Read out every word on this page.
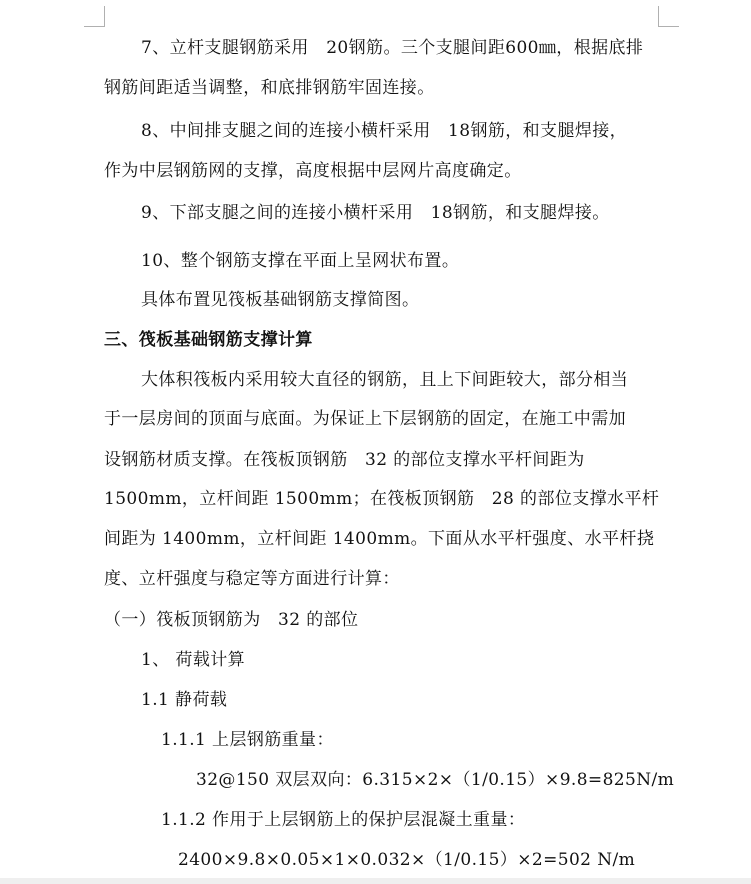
7、立杆支腿钢筋采用　20钢筋。三个支腿间距600㎜，根据底排
钢筋间距适当调整，和底排钢筋牢固连接。
8、中间排支腿之间的连接小横杆采用　18钢筋，和支腿焊接，
作为中层钢筋网的支撑，高度根据中层网片高度确定。
9、下部支腿之间的连接小横杆采用　18钢筋，和支腿焊接。
10、整个钢筋支撑在平面上呈网状布置。
具体布置见筏板基础钢筋支撑简图。
三、筏板基础钢筋支撑计算
大体积筏板内采用较大直径的钢筋，且上下间距较大，部分相当
于一层房间的顶面与底面。为保证上下层钢筋的固定，在施工中需加
设钢筋材质支撑。在筏板顶钢筋　32 的部位支撑水平杆间距为
1500mm，立杆间距 1500mm；在筏板顶钢筋　28 的部位支撑水平杆
间距为 1400mm，立杆间距 1400mm。下面从水平杆强度、水平杆挠
度、立杆强度与稳定等方面进行计算：
（一）筏板顶钢筋为　32 的部位
1、 荷载计算
1.1 静荷载
1.1.1 上层钢筋重量：
32@150 双层双向：6.315×2×（1/0.15）×9.8=825N/m
1.1.2 作用于上层钢筋上的保护层混凝土重量：
2400×9.8×0.05×1×0.032×（1/0.15）×2=502 N/m
